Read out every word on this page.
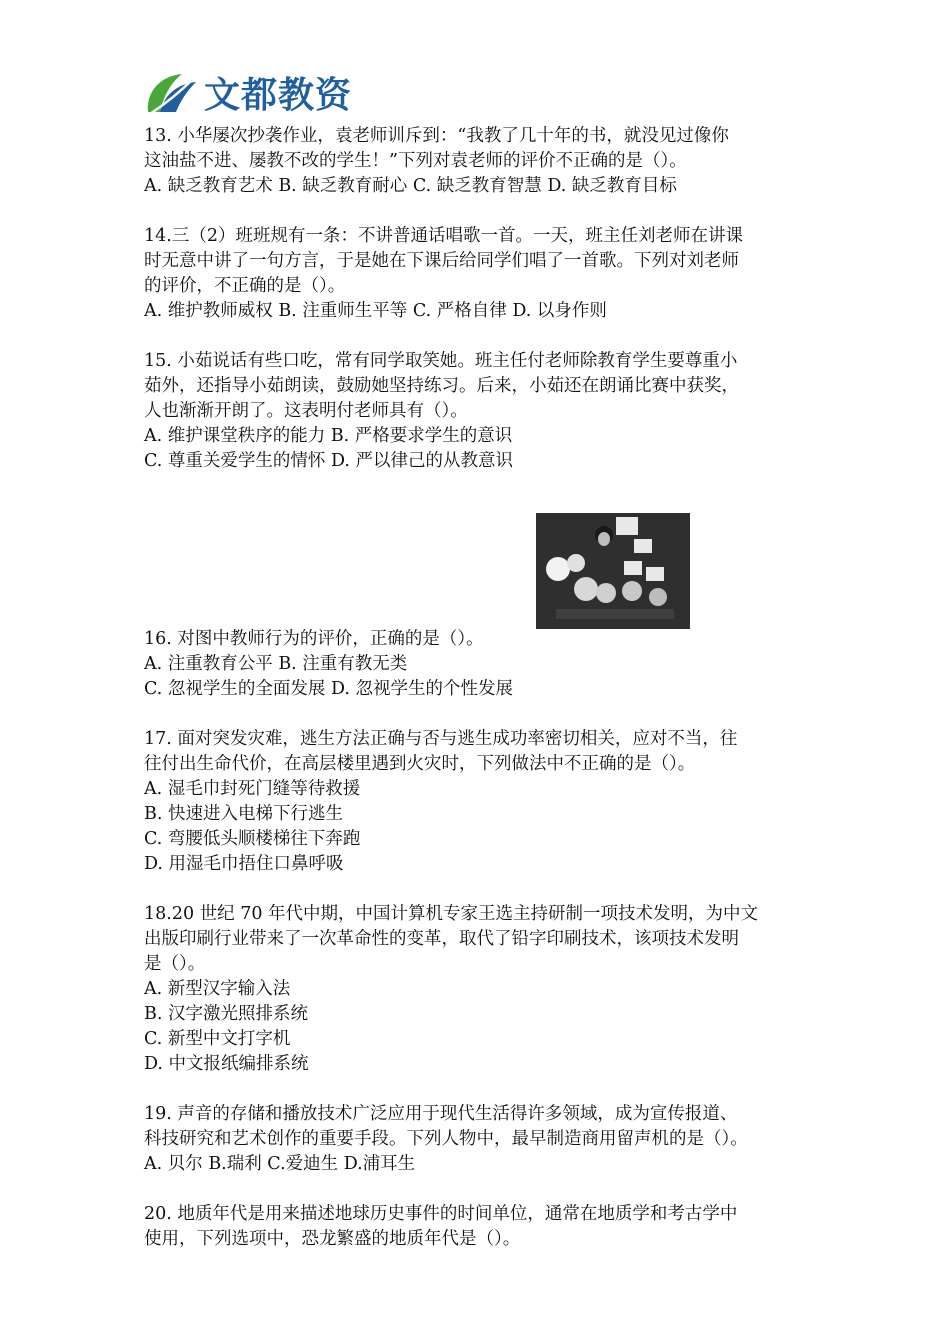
文都教资
13. 小华屡次抄袭作业，袁老师训斥到：“我教了几十年的书，就没见过像你
这油盐不进、屡教不改的学生！”下列对袁老师的评价不正确的是（）。
A. 缺乏教育艺术 B. 缺乏教育耐心 C. 缺乏教育智慧 D. 缺乏教育目标
14.三（2）班班规有一条：不讲普通话唱歌一首。一天，班主任刘老师在讲课
时无意中讲了一句方言，于是她在下课后给同学们唱了一首歌。下列对刘老师
的评价，不正确的是（）。
A. 维护教师威权 B. 注重师生平等 C. 严格自律 D. 以身作则
15. 小茹说话有些口吃，常有同学取笑她。班主任付老师除教育学生要尊重小
茹外，还指导小茹朗读，鼓励她坚持练习。后来，小茹还在朗诵比赛中获奖，
人也渐渐开朗了。这表明付老师具有（）。
A. 维护课堂秩序的能力 B. 严格要求学生的意识
C. 尊重关爱学生的情怀 D. 严以律己的从教意识
16. 对图中教师行为的评价，正确的是（）。
A. 注重教育公平 B. 注重有教无类
C. 忽视学生的全面发展 D. 忽视学生的个性发展
17. 面对突发灾难，逃生方法正确与否与逃生成功率密切相关，应对不当，往
往付出生命代价，在高层楼里遇到火灾时，下列做法中不正确的是（）。
A. 湿毛巾封死门缝等待救援
B. 快速进入电梯下行逃生
C. 弯腰低头顺楼梯往下奔跑
D. 用湿毛巾捂住口鼻呼吸
18.20 世纪 70 年代中期，中国计算机专家王选主持研制一项技术发明，为中文
出版印刷行业带来了一次革命性的变革，取代了铅字印刷技术，该项技术发明
是（）。
A. 新型汉字输入法
B. 汉字激光照排系统
C. 新型中文打字机
D. 中文报纸编排系统
19. 声音的存储和播放技术广泛应用于现代生活得许多领域，成为宣传报道、
科技研究和艺术创作的重要手段。下列人物中，最早制造商用留声机的是（）。
A. 贝尔 B.瑞利 C.爱迪生 D.浦耳生
20. 地质年代是用来描述地球历史事件的时间单位，通常在地质学和考古学中
使用，下列选项中，恐龙繁盛的地质年代是（）。
